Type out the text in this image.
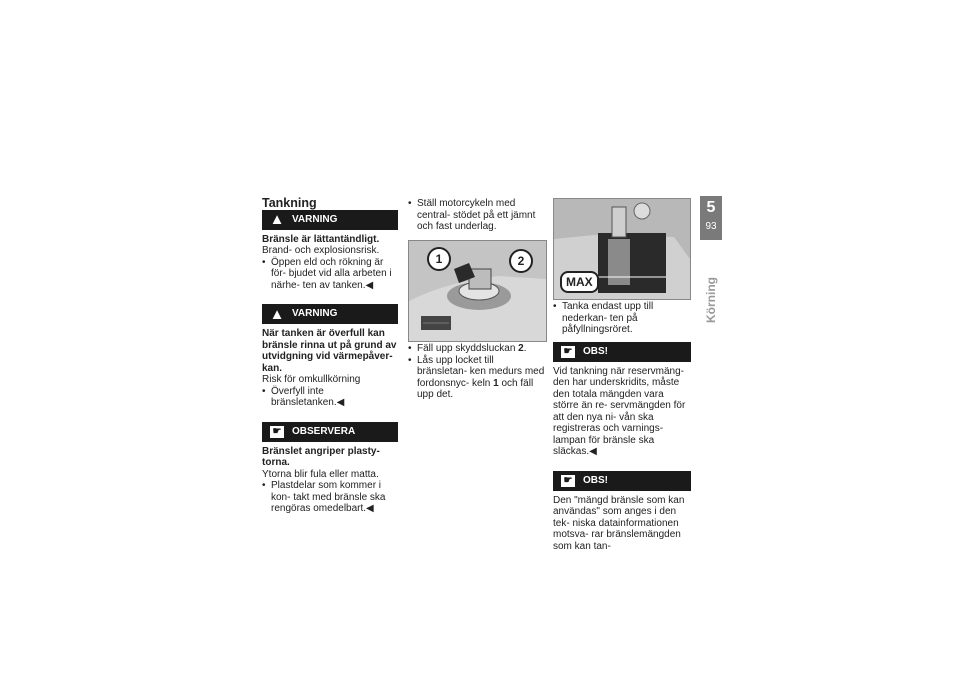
Tankning

▲ VARNING

Bränsle är lättantändligt.

Brand- och explosionsrisk.

• Öppen eld och rökning är för- bjudet vid alla arbeten i närhe- ten av tanken.◀
▲ VARNING

När tanken är överfull kan bränsle rinna ut på grund av utvidgning vid värmepåver- kan.

Risk för omkullkörning

• Överfyll inte bränsletanken.◀
☛ OBSERVERA

Bränslet angriper plasty- torna.

Ytorna blir fula eller matta.

• Plastdelar som kommer i kon- takt med bränsle ska rengöras omedelbart.◀
• Ställ motorcykeln med central- stödet på ett jämnt och fast underlag.
1	2
• Fäll upp skyddsluckan 2.
• Lås upp locket till bränsletan- ken medurs med fordonsnyc- keln 1 och fäll upp det.
MAX
• Tanka endast upp till nederkan- ten på påfyllningsröret.
☛ OBS!

Vid tankning när reservmäng- den har underskridits, måste den totala mängden vara större än re- servmängden för att den nya ni- vån ska registreras och varnings- lampan för bränsle ska släckas.◀

☛ OBS!

Den "mängd bränsle som kan användas" som anges i den tek- niska datainformationen motsva- rar bränslemängden som kan tan-

5
93
Körning
